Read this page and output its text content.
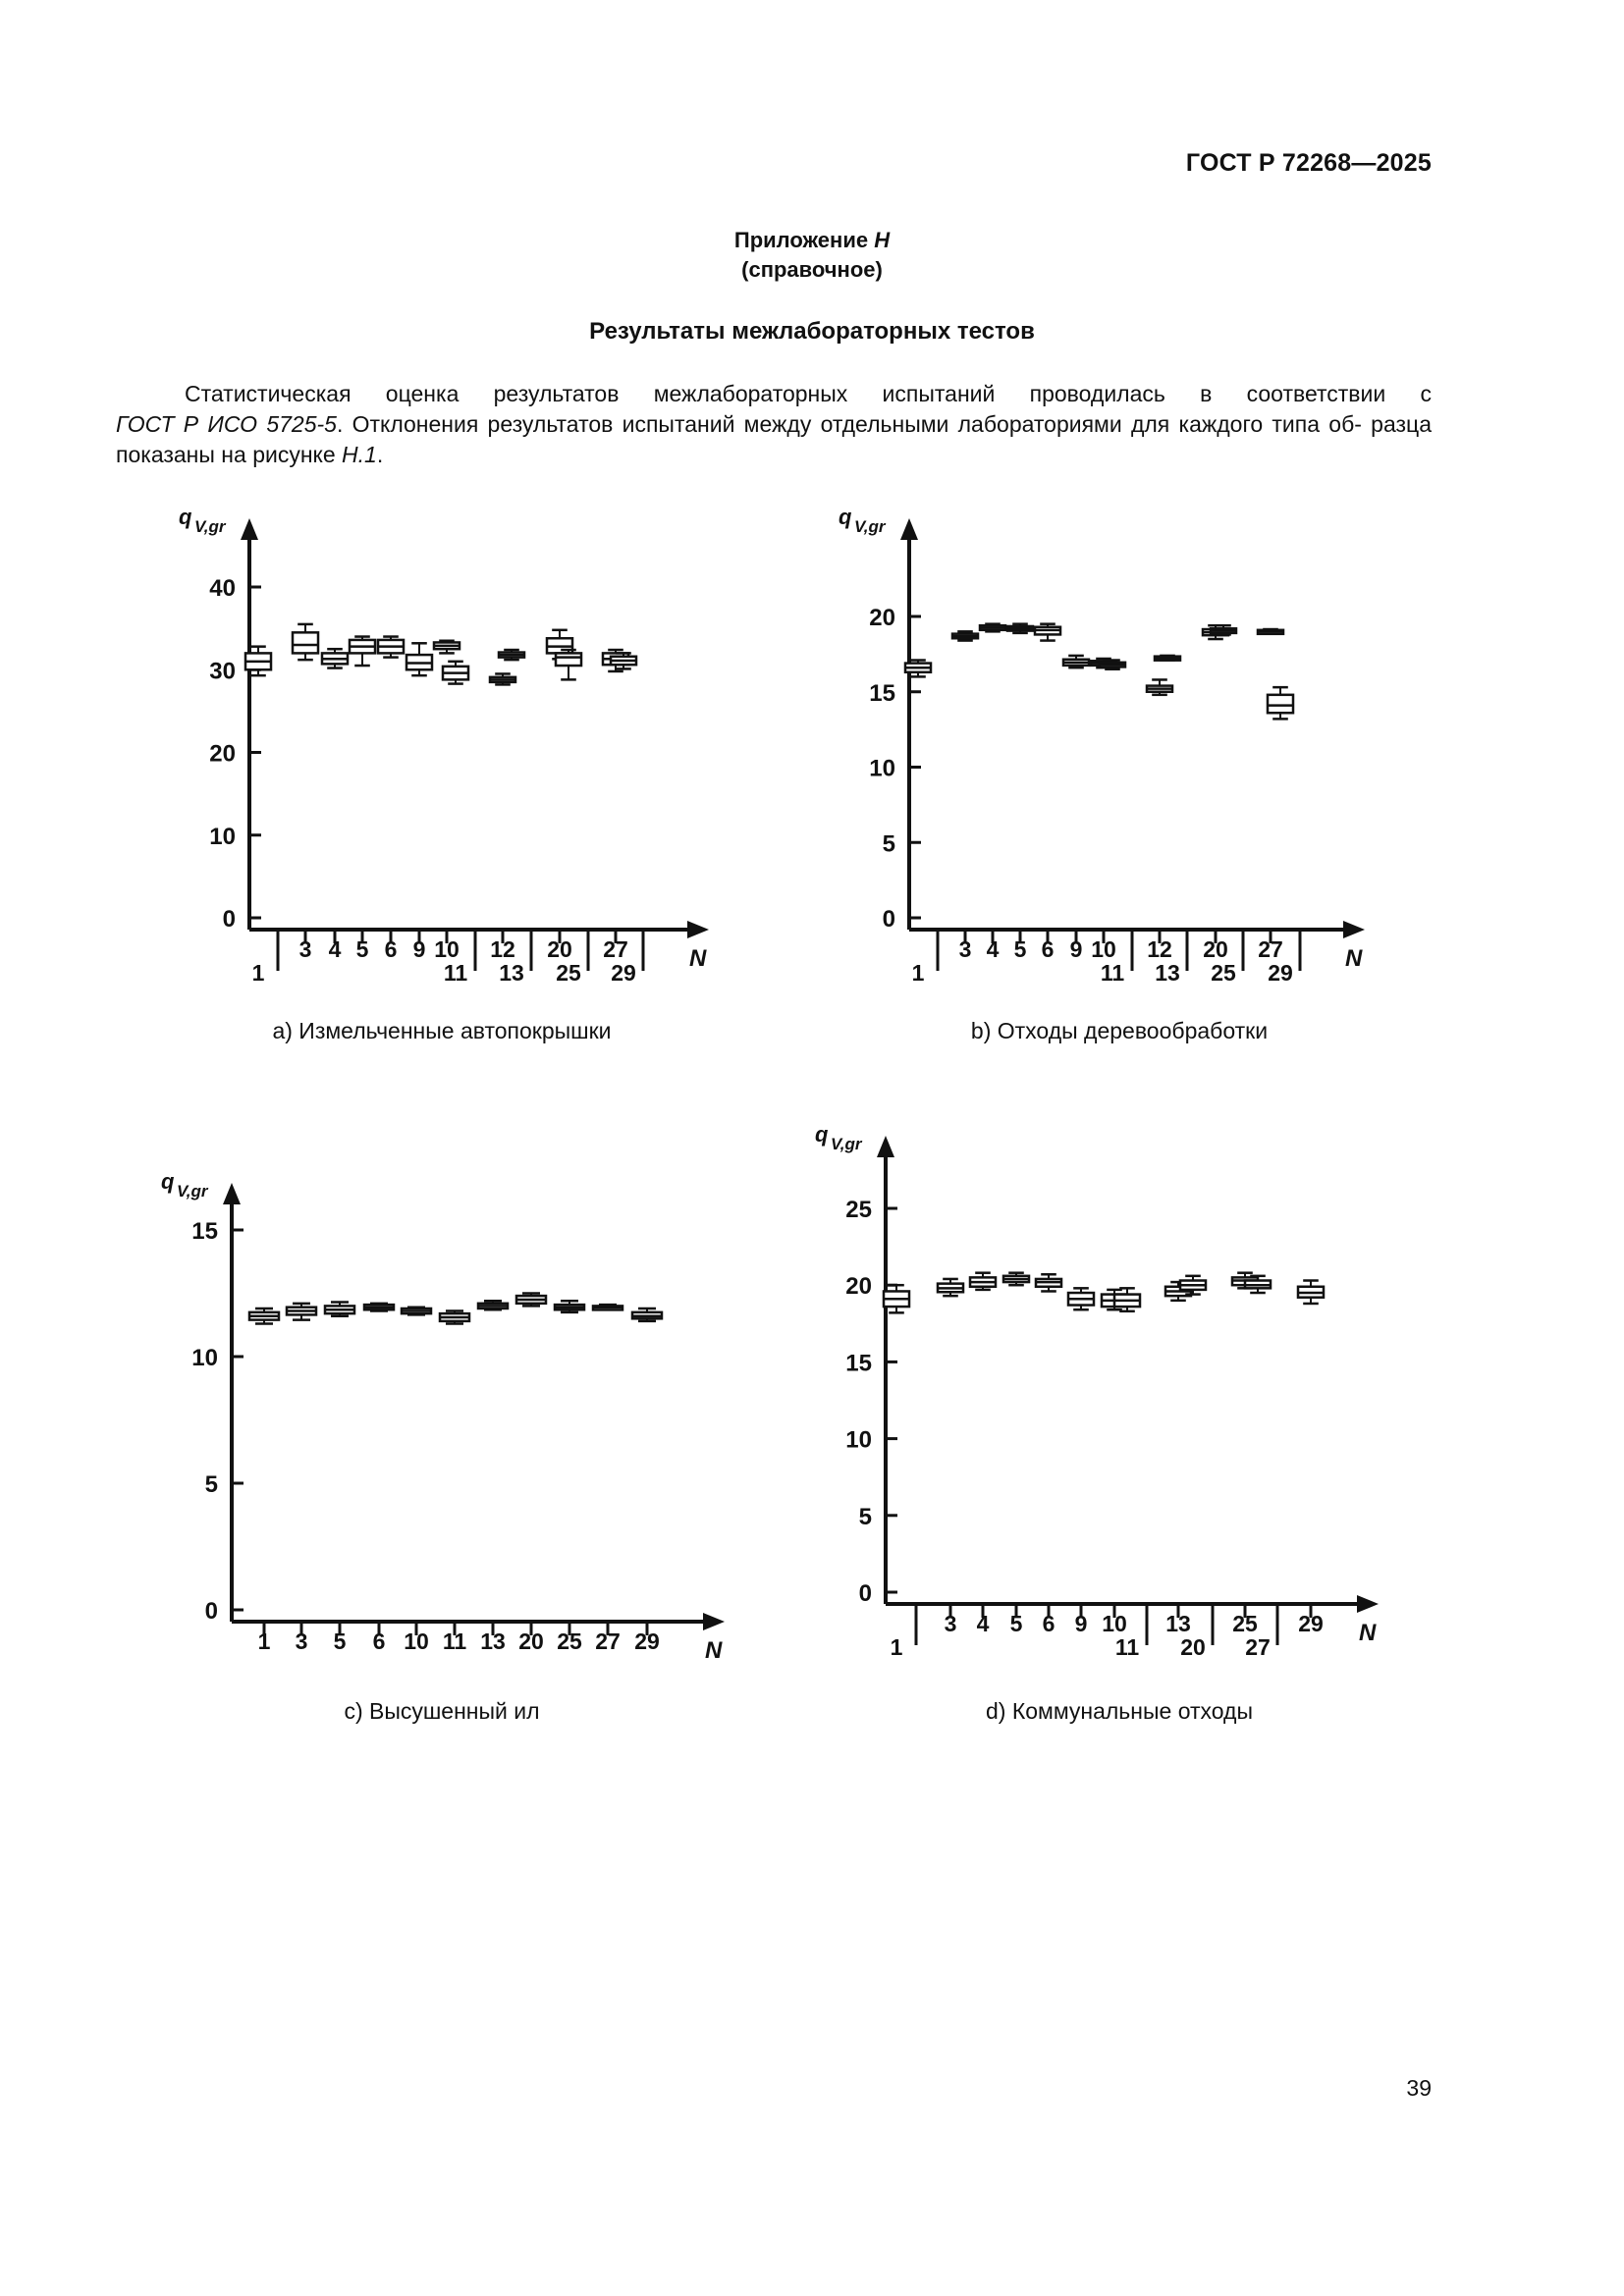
ГОСТ Р 72268—2025
Приложение Н
(справочное)
Результаты межлабораторных тестов
Статистическая оценка результатов межлабораторных испытаний проводилась в соответствии с
ГОСТ Р ИСО 5725-5. Отклонения результатов испытаний между отдельными лабораториями для каждого типа об- разца показаны на рисунке Н.1.
0
10
20
30
40
q V,gr
N
1
3 4 5 6 9 10
11
12
13
20
25
27
29
0
5
10
15
20
q V,gr
N
1
3 4 5 6 9 10
11
12
13
20
25
27
29
0
5
10
15
q V,gr
N
1 3 5 6 10 11 13 20 25 27 29
0
5
10
15
20
25
q V,gr
N
1
3 4 5 6 9 10
11
13
20
25
27
29
a) Измельченные автопокрышки	b) Отходы деревообработки
c) Высушенный ил	d) Коммунальные отходы
39
